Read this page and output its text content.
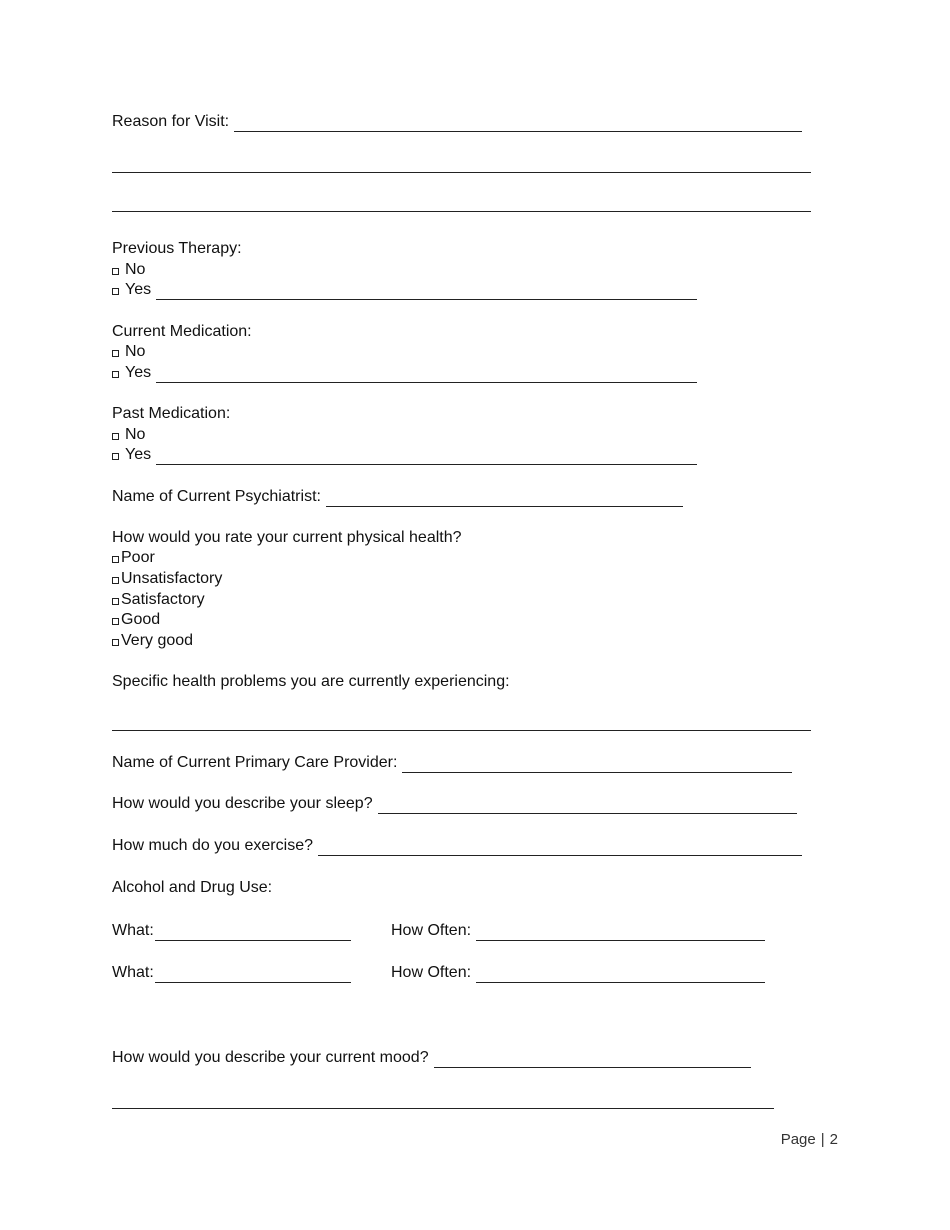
Reason for Visit:
Previous Therapy:
No
Yes
Current Medication:
No
Yes
Past Medication:
No
Yes
Name of Current Psychiatrist:
How would you rate your current physical health?
Poor
Unsatisfactory
Satisfactory
Good
Very good
Specific health problems you are currently experiencing:
Name of Current Primary Care Provider:
How would you describe your sleep?
How much do you exercise?
Alcohol and Drug Use:
What:	How Often:
What:	How Often:
How would you describe your current mood?
Page | 2
